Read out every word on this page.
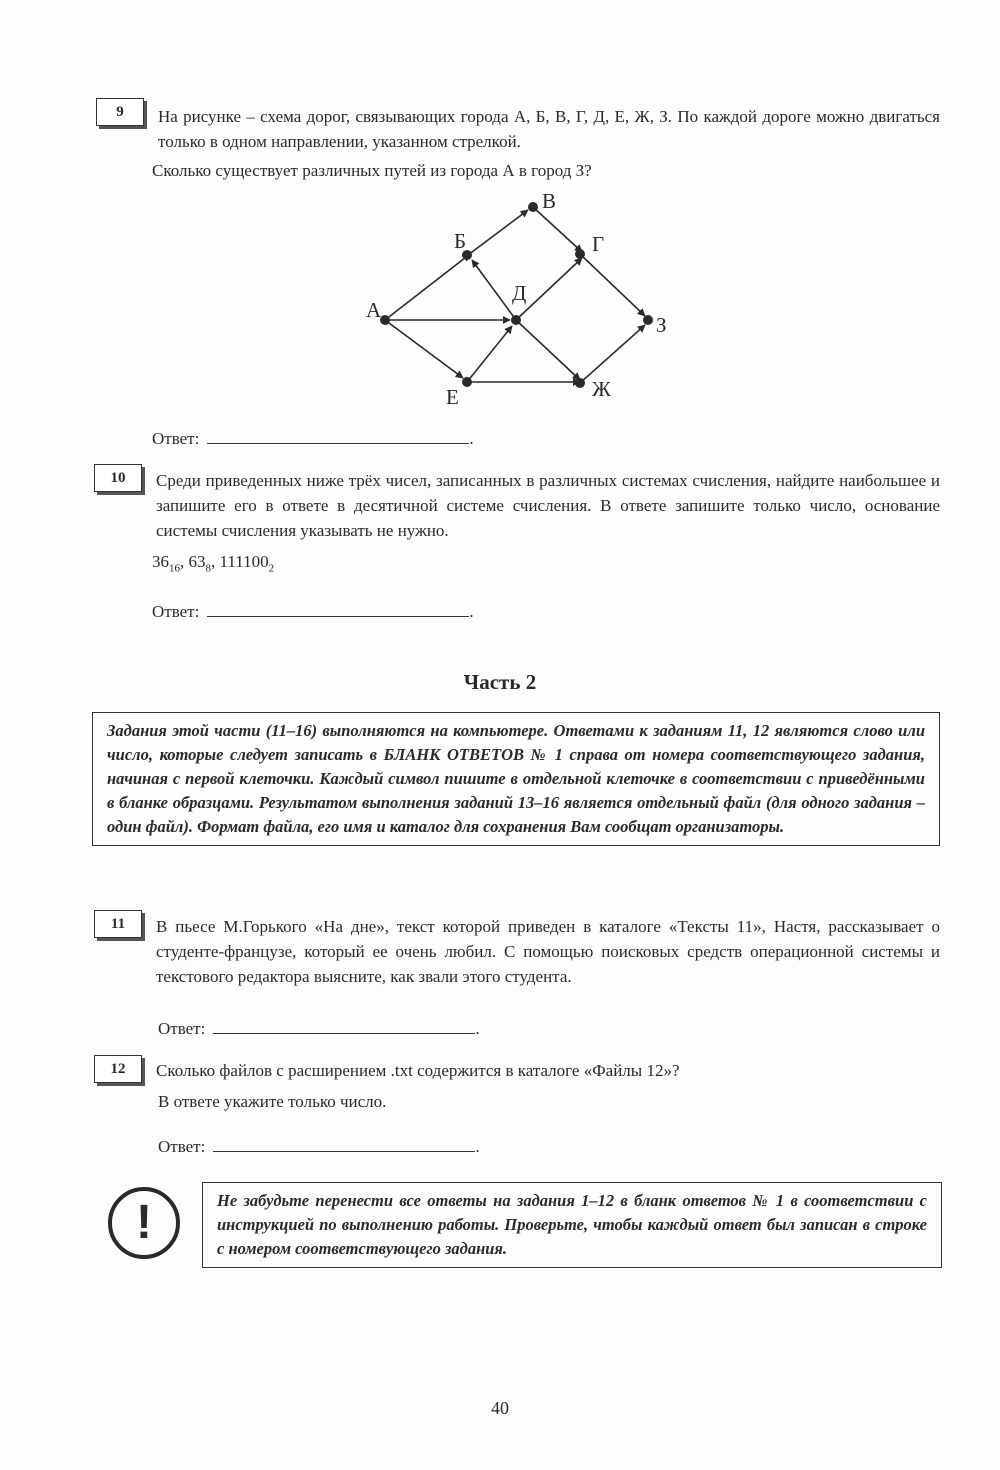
9	На рисунке – схема дорог, связывающих города А, Б, В, Г, Д, Е, Ж, З. По каждой дороге можно двигаться только в одном направлении, указанном стрелкой.
Сколько существует различных путей из города А в город З?
А
Б
В
Г
Д
Е	Ж
З
Ответ:	.
10	Среди приведенных ниже трёх чисел, записанных в различных системах счисления, найдите наибольшее и запишите его в ответе в десятичной системе счисления. В ответе запишите только число, основание системы счисления указывать не нужно.
$36_{16}$, $63_8$, $111100_2$
Ответ:	.
Часть 2
Задания этой части (11–16) выполняются на компьютере. Ответами к заданиям 11, 12 являются слово или число, которые следует записать в БЛАНК ОТВЕТОВ № 1 справа от номера соответствующего задания, начиная с первой клеточки. Каждый символ пишите в отдельной клеточке в соответствии с приведёнными в бланке образцами. Результатом выполнения заданий 13–16 является отдельный файл (для одного задания – один файл). Формат файла, его имя и каталог для сохранения Вам сообщат организаторы.
11	В пьесе М.Горького «На дне», текст которой приведен в каталоге «Тексты 11», Настя, рассказывает о студенте-французе, который ее очень любил. С помощью поисковых средств операционной системы и текстового редактора выясните, как звали этого студента.
Ответ:	.
12	Сколько файлов с расширением .txt содержится в каталоге «Файлы 12»?
В ответе укажите только число.
Ответ:	.
!	Не забудьте перенести все ответы на задания 1–12 в бланк ответов № 1 в соответствии с инструкцией по выполнению работы. Проверьте, чтобы каждый ответ был записан в строке с номером соответствующего задания.
40
